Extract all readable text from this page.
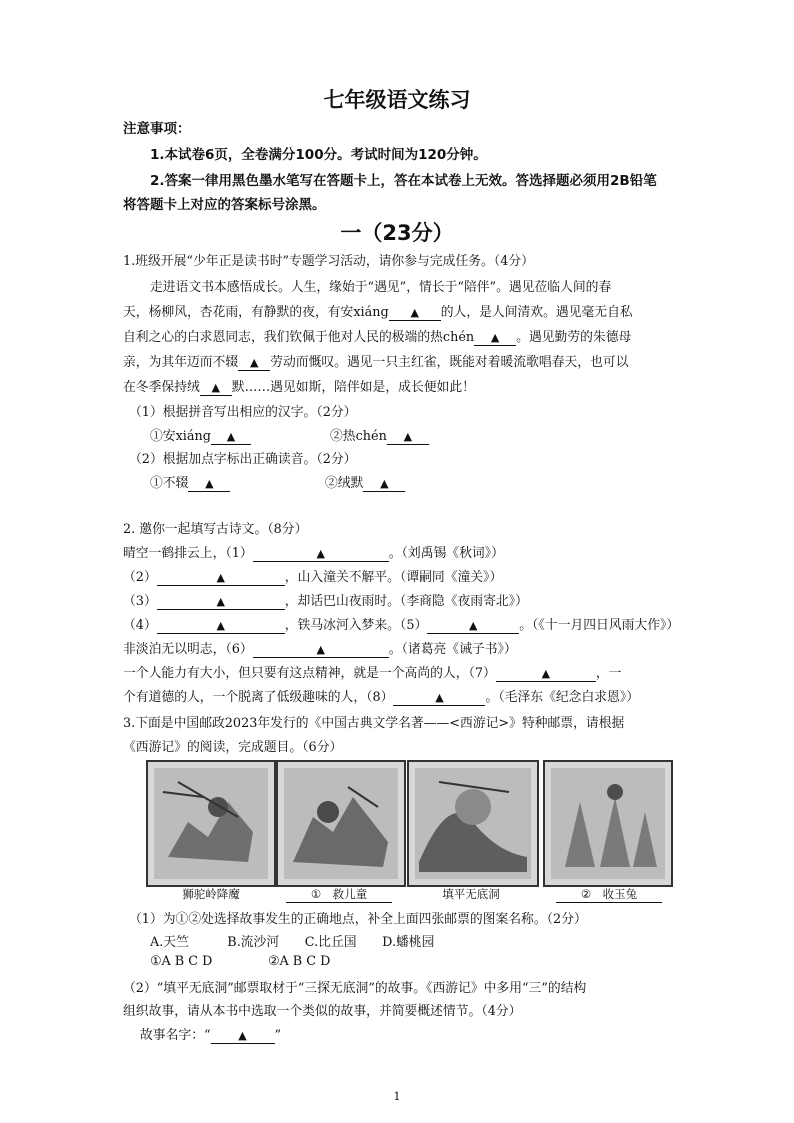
七年级语文练习
注意事项：
1.本试卷6页，全卷满分100分。考试时间为120分钟。
2.答案一律用黑色墨水笔写在答题卡上，答在本试卷上无效。答选择题必须用2B铅笔
将答题卡上对应的答案标号涂黑。
一（23分）
1.班级开展“少年正是读书时”专题学习活动，请你参与完成任务。（4分）
走进语文书本感悟成长。人生，缘始于“遇见”，情长于“陪伴”。遇见莅临人间的春
天，杨柳风，杏花雨，有静默的夜，有安xiáng ▲ 的人，是人间清欢。遇见毫无自私
自利之心的白求恩同志，我们钦佩于他对人民的极端的热chén ▲ 。遇见勤劳的朱德母
亲，为其年迈而不辍 ▲ 劳动而慨叹。遇见一只主红雀，既能对着暖流歌唱春天，也可以
在冬季保持绒 ▲ 默……遇见如斯，陪伴如是，成长便如此！
（1）根据拼音写出相应的汉字。（2分）
①安xiáng ▲	②热chén ▲
（2）根据加点字标出正确读音。（2分）
①不辍 ▲	②绒默 ▲
2. 邀你一起填写古诗文。（8分）
晴空一鹤排云上，（1）	▲	。（刘禹锡《秋词》）
（2）	▲	，山入潼关不解平。（谭嗣同《潼关》）
（3）	▲	，却话巴山夜雨时。（李商隐《夜雨寄北》）
（4）	▲	，铁马冰河入梦来。（5）	▲	。（《十一月四日风雨大作》）
非淡泊无以明志，（6）	▲	。（诸葛亮《诫子书》）
一个人能力有大小，但只要有这点精神，就是一个高尚的人，（7）	▲	，一
个有道德的人，一个脱离了低级趣味的人，（8）	▲	。（毛泽东《纪念白求恩》）
3.下面是中国邮政2023年发行的《中国古典文学名著——<西游记>》特种邮票，请根据
《西游记》的阅读，完成题目。（6分）
狮驼岭降魔	①　救儿童	填平无底洞	②　收玉兔
（1）为①②处选择故事发生的正确地点，补全上面四张邮票的图案名称。（2分）
A.天竺　　　B.流沙河　　C.比丘国　　D.蟠桃园
①A B C D	②A B C D
（2）“填平无底洞”邮票取材于“三探无底洞”的故事。《西游记》中多用“三”的结构
组织故事，请从本书中选取一个类似的故事，并简要概述情节。（4分）
故事名字：“	▲ ”
1
